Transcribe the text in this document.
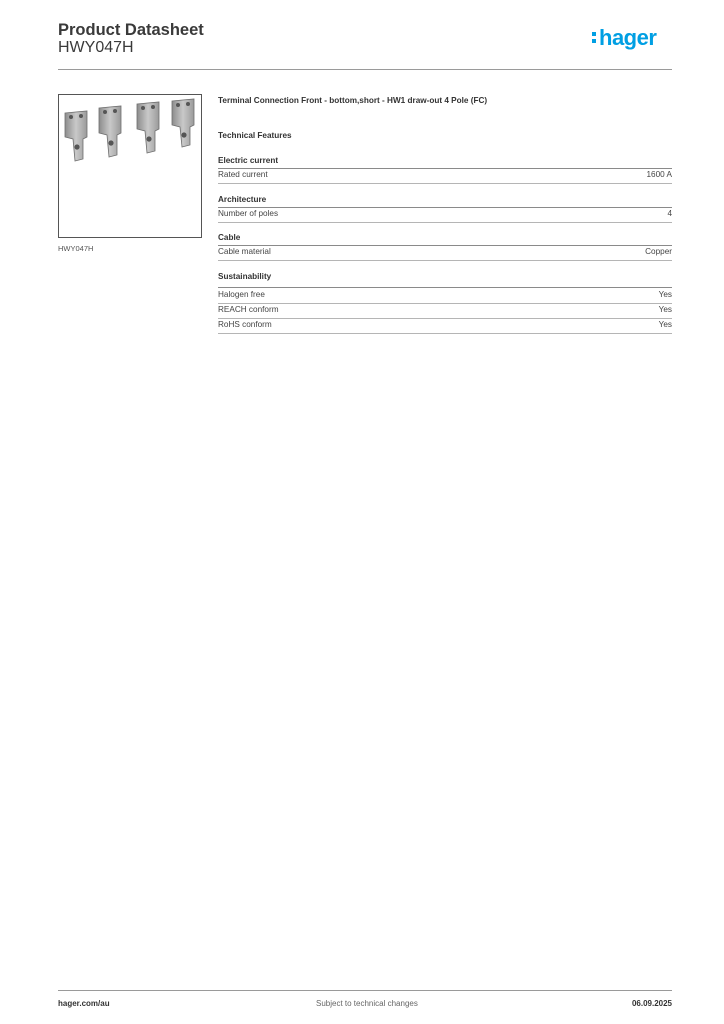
Product Datasheet
HWY047H	hager
HWY047H
Terminal Connection Front - bottom,short - HW1 draw-out 4 Pole (FC)
Technical Features
Electric current
Rated current	1600 A
Architecture
Number of poles	4
Cable
Cable material	Copper
Sustainability
Halogen free	Yes
REACH conform	Yes
RoHS conform	Yes
hager.com/au	Subject to technical changes	06.09.2025
